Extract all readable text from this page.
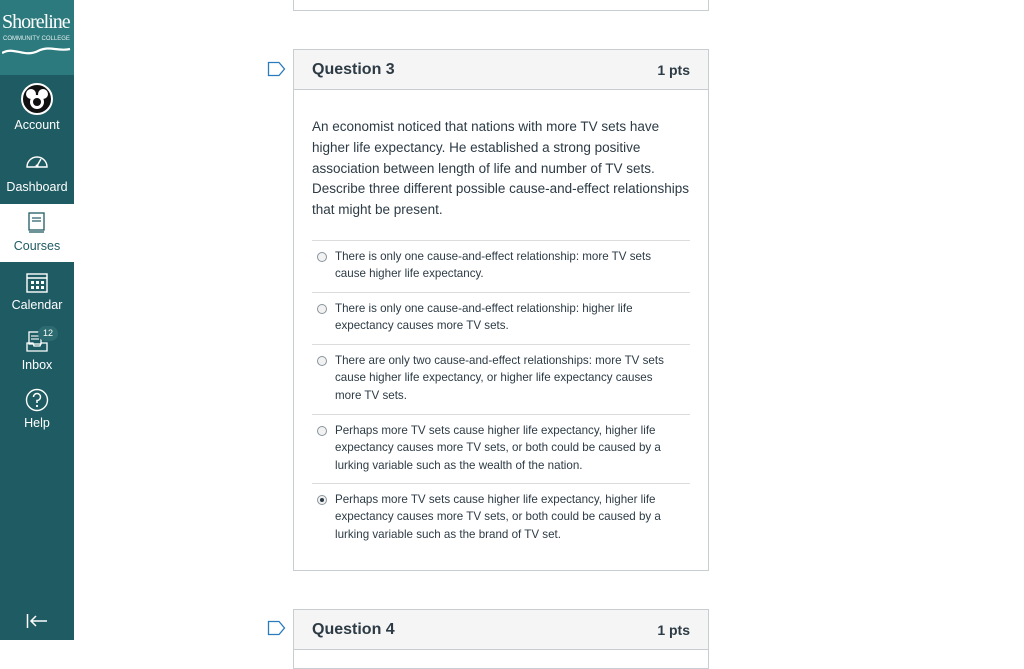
Shoreline
COMMUNITY COLLEGE
Account
Dashboard
Courses
Calendar
12
Inbox
Help
Question 3	1 pts
An economist noticed that nations with more TV sets have higher life expectancy. He established a strong positive association between length of life and number of TV sets. Describe three different possible cause-and-effect relationships that might be present.
There is only one cause-and-effect relationship: more TV sets cause higher life expectancy.
There is only one cause-and-effect relationship: higher life expectancy causes more TV sets.
There are only two cause-and-effect relationships: more TV sets cause higher life expectancy, or higher life expectancy causes more TV sets.
Perhaps more TV sets cause higher life expectancy, higher life expectancy causes more TV sets, or both could be caused by a lurking variable such as the wealth of the nation.
Perhaps more TV sets cause higher life expectancy, higher life expectancy causes more TV sets, or both could be caused by a lurking variable such as the brand of TV set.
Question 4	1 pts
